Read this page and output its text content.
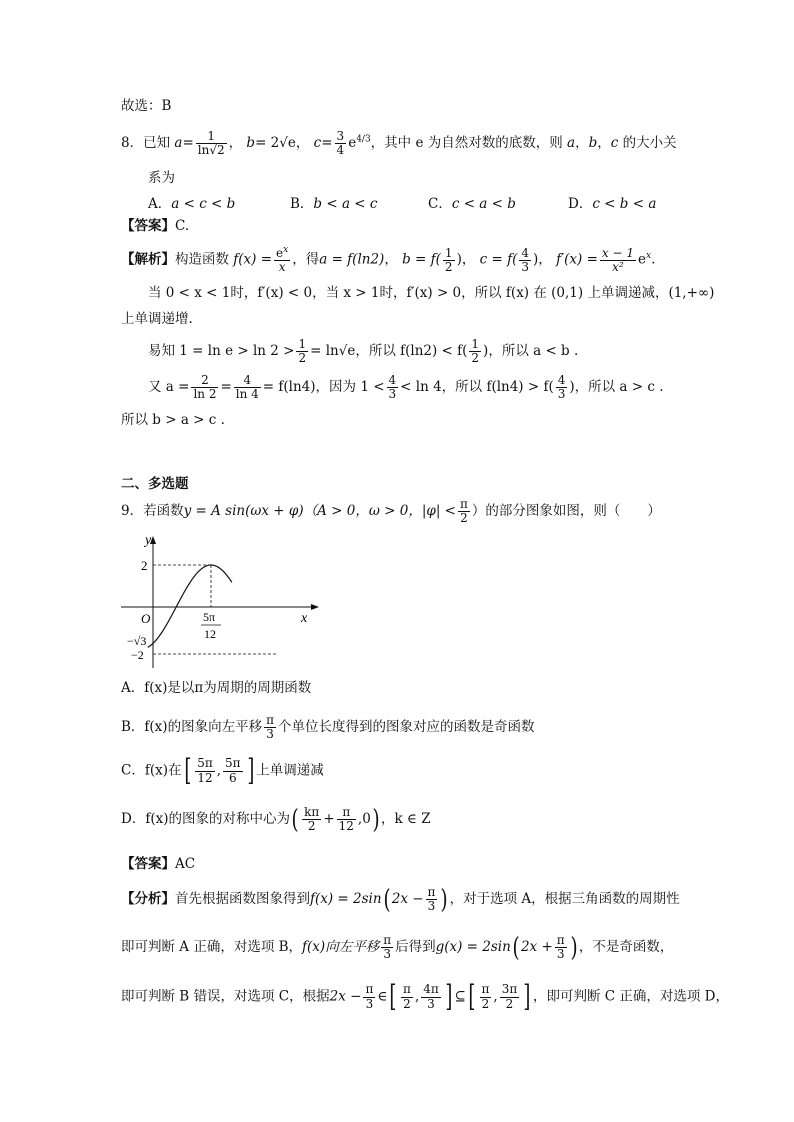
故选：B
8．已知 $a= \frac{1}{\ln√2}$ ， b= 2√e， $c= \frac{3}{4} e^{4/3}$，其中 e 为自然对数的底数，则 a，b，c 的大小关
系为
A．a < c < b	B．b < a < c	C．c < a < b	D．c < b < a
【答案】C.
【解析】构造函数 $f(x) = \frac{e^x}{x}$ ，得a = f(ln2)， $b = f( \frac{1}{2}$ )， $c = f( \frac{4}{3}$ )， $f'(x) = \frac{x - 1}{\text{x²}} e^x$.
当 0 < x < 1时，f′(x) < 0，当 x > 1时，f′(x) > 0，所以 f(x) 在 (0,1) 上单调递减，(1,+∞)
上单调递增.
易知 $1 = \ln e > \ln 2 > \frac{1}{2} = \ln√e$，所以 $f(\ln 2) < f( \frac{1}{2}$ )，所以 a < b .
又 $a = \frac{2}{\ln 2} = \frac{4}{\ln 4} = f(\ln 4)$，因为 $1 < \frac{4}{3} < \ln 4$，所以 $f(\ln 4) > f( \frac{4}{3}$ )，所以 a > c .
所以 b > a > c .
二、多选题
9．若函数y = A sin(ωx + φ)（A > 0，ω > 0，$|\varphi| < \frac{\pi}{2}$ ）的部分图象如图，则（　　）
y
x
O
2
−√3
−2
5π
12
A．f(x)是以π为周期的周期函数
B．f(x)的图象向左平移 $\frac{\pi}{3}$ 个单位长度得到的图象对应的函数是奇函数
C．f(x)在[ $\frac{5\pi}{12}$ , $\frac{5\pi}{6}$ ] 上单调递减
D．f(x)的图象的对称中心为( $\frac{k\pi}{2} + \frac{\pi}{12} ,0$) ，k ∈ Z
【答案】AC
【分析】首先根据函数图象得到f(x) = 2sin( $2x - \frac{\pi}{3}$ ) ，对于选项 A，根据三角函数的周期性
即可判断 A 正确，对选项 B，f(x)向左平移 $\frac{\pi}{3}$ 后得到g(x) = 2sin( $2x + \frac{\pi}{3}$ ) ，不是奇函数，
即可判断 B 错误，对选项 C，根据$2x - \frac{\pi}{3}$ ∈[ $\frac{\pi}{2}$ , $\frac{4\pi}{3}$ ] ⊆[ $\frac{\pi}{2}$ , $\frac{3\pi}{2}$ ] ，即可判断 C 正确，对选项 D，
